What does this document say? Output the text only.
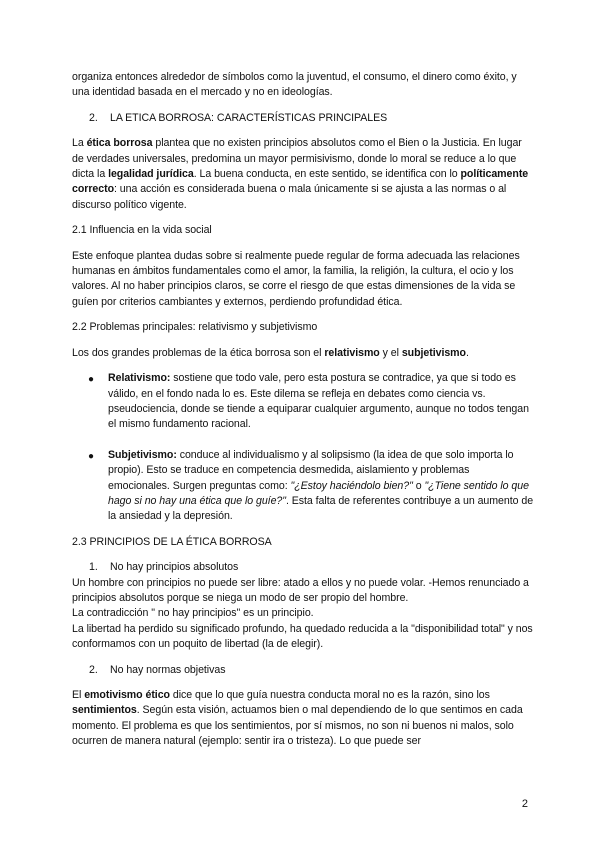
organiza entonces alrededor de símbolos como la juventud, el consumo, el dinero como éxito, y una identidad basada en el mercado y no en ideologías.

2. LA ETICA BORROSA: CARACTERÍSTICAS PRINCIPALES

La ética borrosa plantea que no existen principios absolutos como el Bien o la Justicia. En lugar de verdades universales, predomina un mayor permisivismo, donde lo moral se reduce a lo que dicta la legalidad jurídica. La buena conducta, en este sentido, se identifica con lo políticamente correcto: una acción es considerada buena o mala únicamente si se ajusta a las normas o al discurso político vigente.

2.1 Influencia en la vida social

Este enfoque plantea dudas sobre si realmente puede regular de forma adecuada las relaciones humanas en ámbitos fundamentales como el amor, la familia, la religión, la cultura, el ocio y los valores. Al no haber principios claros, se corre el riesgo de que estas dimensiones de la vida se guíen por criterios cambiantes y externos, perdiendo profundidad ética.

2.2 Problemas principales: relativismo y subjetivismo

Los dos grandes problemas de la ética borrosa son el relativismo y el subjetivismo.

● Relativismo: sostiene que todo vale, pero esta postura se contradice, ya que si todo es válido, en el fondo nada lo es. Este dilema se refleja en debates como ciencia vs. pseudociencia, donde se tiende a equiparar cualquier argumento, aunque no todos tengan el mismo fundamento racional.
● Subjetivismo: conduce al individualismo y al solipsismo (la idea de que solo importa lo propio). Esto se traduce en competencia desmedida, aislamiento y problemas emocionales. Surgen preguntas como: "¿Estoy haciéndolo bien?" o "¿Tiene sentido lo que hago si no hay una ética que lo guíe?". Esta falta de referentes contribuye a un aumento de la ansiedad y la depresión.

2.3 PRINCIPIOS DE LA ÉTICA BORROSA

1. No hay principios absolutos

Un hombre con principios no puede ser libre: atado a ellos y no puede volar. -Hemos renunciado a principios absolutos porque se niega un modo de ser propio del hombre.

La contradicción " no hay principios" es un principio.

La libertad ha perdido su significado profundo, ha quedado reducida a la "disponibilidad total" y nos conformamos con un poquito de libertad (la de elegir).

2. No hay normas objetivas

El emotivismo ético dice que lo que guía nuestra conducta moral no es la razón, sino los sentimientos. Según esta visión, actuamos bien o mal dependiendo de lo que sentimos en cada momento. El problema es que los sentimientos, por sí mismos, no son ni buenos ni malos, solo ocurren de manera natural (ejemplo: sentir ira o tristeza). Lo que puede ser

2
